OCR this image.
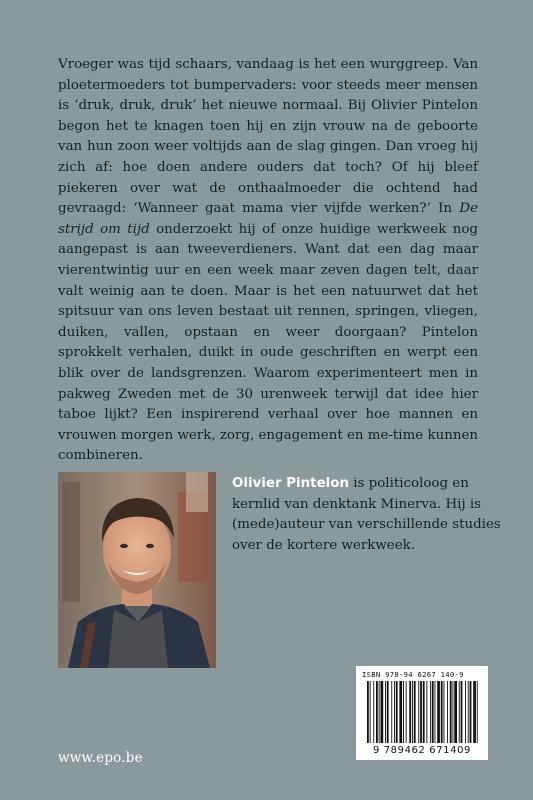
Vroeger was tijd schaars, vandaag is het een wurggreep. Van ploetermoeders tot bumpervaders: voor steeds meer mensen is ‘druk, druk, druk’ het nieuwe normaal. Bij Olivier Pintelon begon het te knagen toen hij en zijn vrouw na de geboorte van hun zoon weer voltijds aan de slag gingen. Dan vroeg hij zich af: hoe doen andere ouders dat toch? Of hij bleef piekeren over wat de onthaalmoeder die ochtend had gevraagd: ‘Wanneer gaat mama vier vijfde werken?’ In De strijd om tijd onderzoekt hij of onze huidige werkweek nog aangepast is aan tweeverdieners. Want dat een dag maar vierentwintig uur en een week maar zeven dagen telt, daar valt weinig aan te doen. Maar is het een natuurwet dat het spitsuur van ons leven bestaat uit rennen, springen, vliegen, duiken, vallen, opstaan en weer doorgaan? Pintelon sprokkelt verhalen, duikt in oude geschriften en werpt een blik over de landsgrenzen. Waarom experimenteert men in pakweg Zweden met de 30 urenweek terwijl dat idee hier taboe lijkt? Een inspirerend verhaal over hoe mannen en vrouwen morgen werk, zorg, engagement en me-time kunnen combineren.

Olivier Pintelon is politicoloog en kernlid van denktank Minerva. Hij is (mede)auteur van verschillende studies over de kortere werkweek.

ISBN 978-94 6267 140-9
9 789462 671409
www.epo.be
